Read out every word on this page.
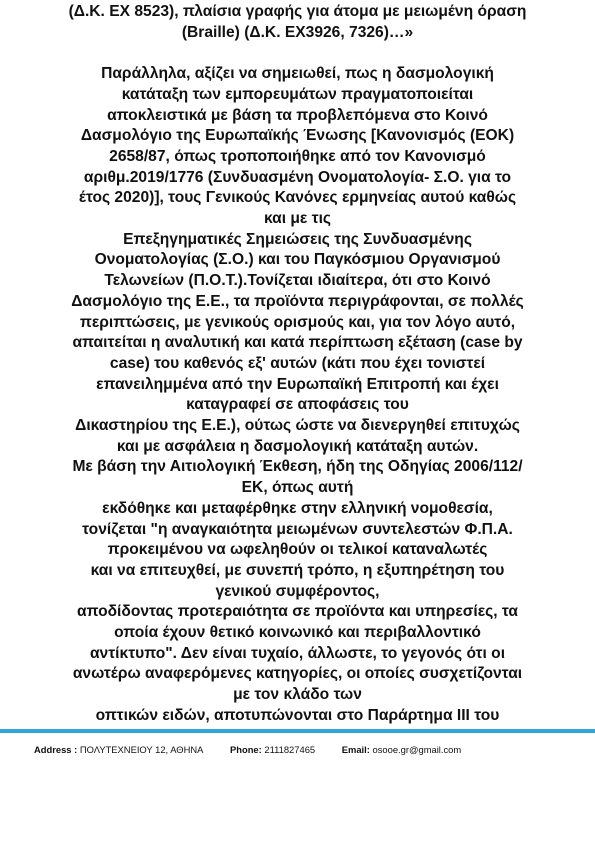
(Δ.Κ. ΕΧ 8523), πλαίσια γραφής για άτομα με μειωμένη όραση
(Braille) (Δ.Κ. ΕΧ3926, 7326)…»
Παράλληλα, αξίζει να σημειωθεί, πως η δασμολογική
κατάταξη των εμπορευμάτων πραγματοποιείται
αποκλειστικά με βάση τα προβλεπόμενα στο Κοινό
Δασμολόγιο της Ευρωπαϊκής Ένωσης [Κανονισμός (ΕΟΚ)
2658/87, όπως τροποποιήθηκε από τον Κανονισμό
αριθμ.2019/1776 (Συνδυασμένη Ονοματολογία- Σ.Ο. για το
έτος 2020)], τους Γενικούς Κανόνες ερμηνείας αυτού καθώς
και με τις
Επεξηγηματικές Σημειώσεις της Συνδυασμένης
Ονοματολογίας (Σ.Ο.) και του Παγκόσμιου Οργανισμού
Τελωνείων (Π.Ο.Τ.).Τονίζεται ιδιαίτερα, ότι στο Κοινό
Δασμολόγιο της Ε.Ε., τα προϊόντα περιγράφονται, σε πολλές
περιπτώσεις, με γενικούς ορισμούς και, για τον λόγο αυτό,
απαιτείται η αναλυτική και κατά περίπτωση εξέταση (case by
case) του καθενός εξ' αυτών (κάτι που έχει τονιστεί
επανειλημμένα από την Ευρωπαϊκή Επιτροπή και έχει
καταγραφεί σε αποφάσεις του
Δικαστηρίου της Ε.Ε.), ούτως ώστε να διενεργηθεί επιτυχώς
και με ασφάλεια η δασμολογική κατάταξη αυτών.
Με βάση την Αιτιολογική Έκθεση, ήδη της Οδηγίας 2006/112/
ΕΚ, όπως αυτή
εκδόθηκε και μεταφέρθηκε στην ελληνική νομοθεσία,
τονίζεται "η αναγκαιότητα μειωμένων συντελεστών Φ.Π.Α.
προκειμένου να ωφεληθούν οι τελικοί καταναλωτές
και να επιτευχθεί, με συνεπή τρόπο, η εξυπηρέτηση του
γενικού συμφέροντος,
αποδίδοντας προτεραιότητα σε προϊόντα και υπηρεσίες, τα
οποία έχουν θετικό κοινωνικό και περιβαλλοντικό
αντίκτυπο". Δεν είναι τυχαίο, άλλωστε, το γεγονός ότι οι
ανωτέρω αναφερόμενες κατηγορίες, οι οποίες συσχετίζονται
με τον κλάδο των
οπτικών ειδών, αποτυπώνονται στο Παράρτημα ΙΙΙ του
Address : ΠΟΛΥΤΕΧΝΕΙΟΥ 12, ΑΘΗΝΑ	Phone: 2111827465	Email: osooe.gr@gmail.com
